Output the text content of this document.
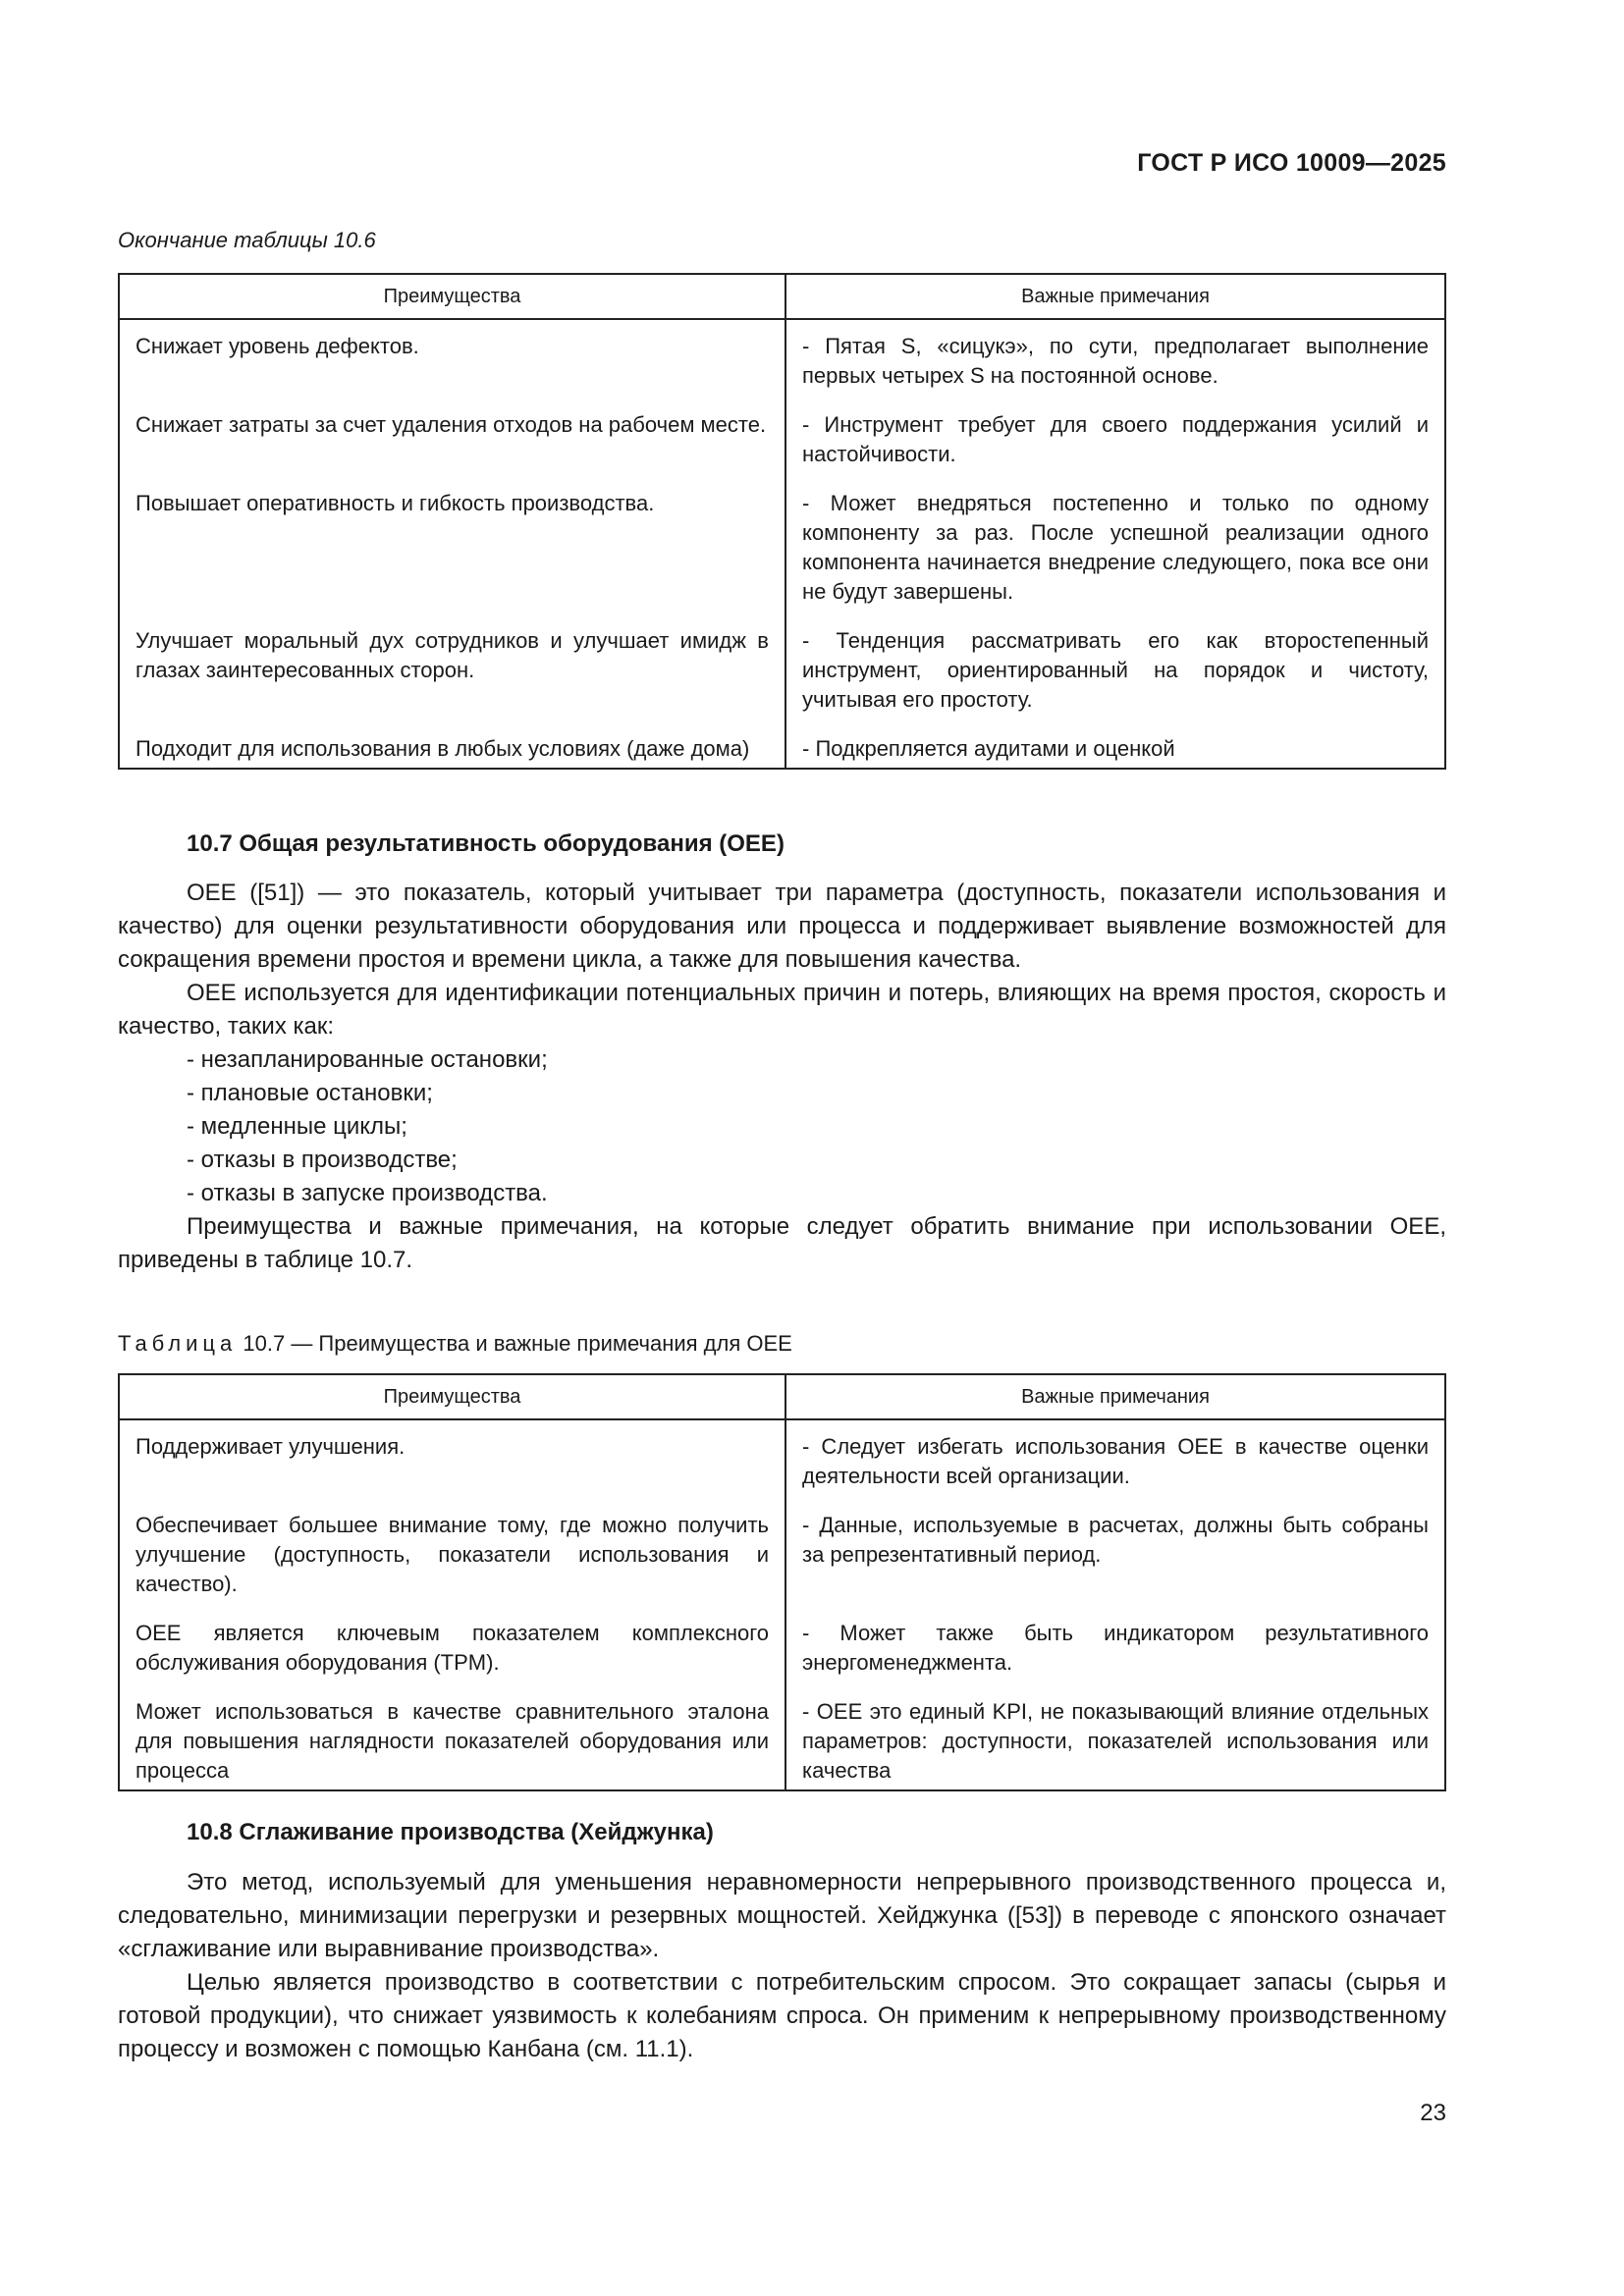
ГОСТ Р ИСО 10009—2025
Окончание таблицы 10.6
Преимущества	Важные примечания
Снижает уровень дефектов.	- Пятая S, «сицукэ», по сути, предполагает выполнение первых четырех S на постоянной основе.
Снижает затраты за счет удаления отходов на рабочем месте.	- Инструмент требует для своего поддержания усилий и настойчивости.
Повышает оперативность и гибкость производства.	- Может внедряться постепенно и только по одному компоненту за раз. После успешной реализации одного компонента начинается внедрение следующего, пока все они не будут завершены.
Улучшает моральный дух сотрудников и улучшает имидж в глазах заинтересованных сторон.	- Тенденция рассматривать его как второстепенный инструмент, ориентированный на порядок и чистоту, учитывая его простоту.
Подходит для использования в любых условиях (даже дома)	- Подкрепляется аудитами и оценкой
10.7 Общая результативность оборудования (OEE)

OEE ([51]) — это показатель, который учитывает три параметра (доступность, показатели использования и качество) для оценки результативности оборудования или процесса и поддерживает выявление возможностей для сокращения времени простоя и времени цикла, а также для повышения качества.

OEE используется для идентификации потенциальных причин и потерь, влияющих на время простоя, скорость и качество, таких как:

- незапланированные остановки;
- плановые остановки;
- медленные циклы;
- отказы в производстве;
- отказы в запуске производства.

Преимущества и важные примечания, на которые следует обратить внимание при использовании OEE, приведены в таблице 10.7.

Таблица 10.7 — Преимущества и важные примечания для OEE
Преимущества	Важные примечания
Поддерживает улучшения.	- Следует избегать использования OEE в качестве оценки деятельности всей организации.
Обеспечивает большее внимание тому, где можно получить улучшение (доступность, показатели использования и качество).	- Данные, используемые в расчетах, должны быть собраны за репрезентативный период.
OEE является ключевым показателем комплексного обслуживания оборудования (TPM).	- Может также быть индикатором результативного энергоменеджмента.
Может использоваться в качестве сравнительного эталона для повышения наглядности показателей оборудования или процесса	- OEE это единый KPI, не показывающий влияние отдельных параметров: доступности, показателей использования или качества
10.8 Сглаживание производства (Хейджунка)

Это метод, используемый для уменьшения неравномерности непрерывного производственного процесса и, следовательно, минимизации перегрузки и резервных мощностей. Хейджунка ([53]) в переводе с японского означает «сглаживание или выравнивание производства».

Целью является производство в соответствии с потребительским спросом. Это сокращает запасы (сырья и готовой продукции), что снижает уязвимость к колебаниям спроса. Он применим к непрерывному производственному процессу и возможен с помощью Канбана (см. 11.1).

23
